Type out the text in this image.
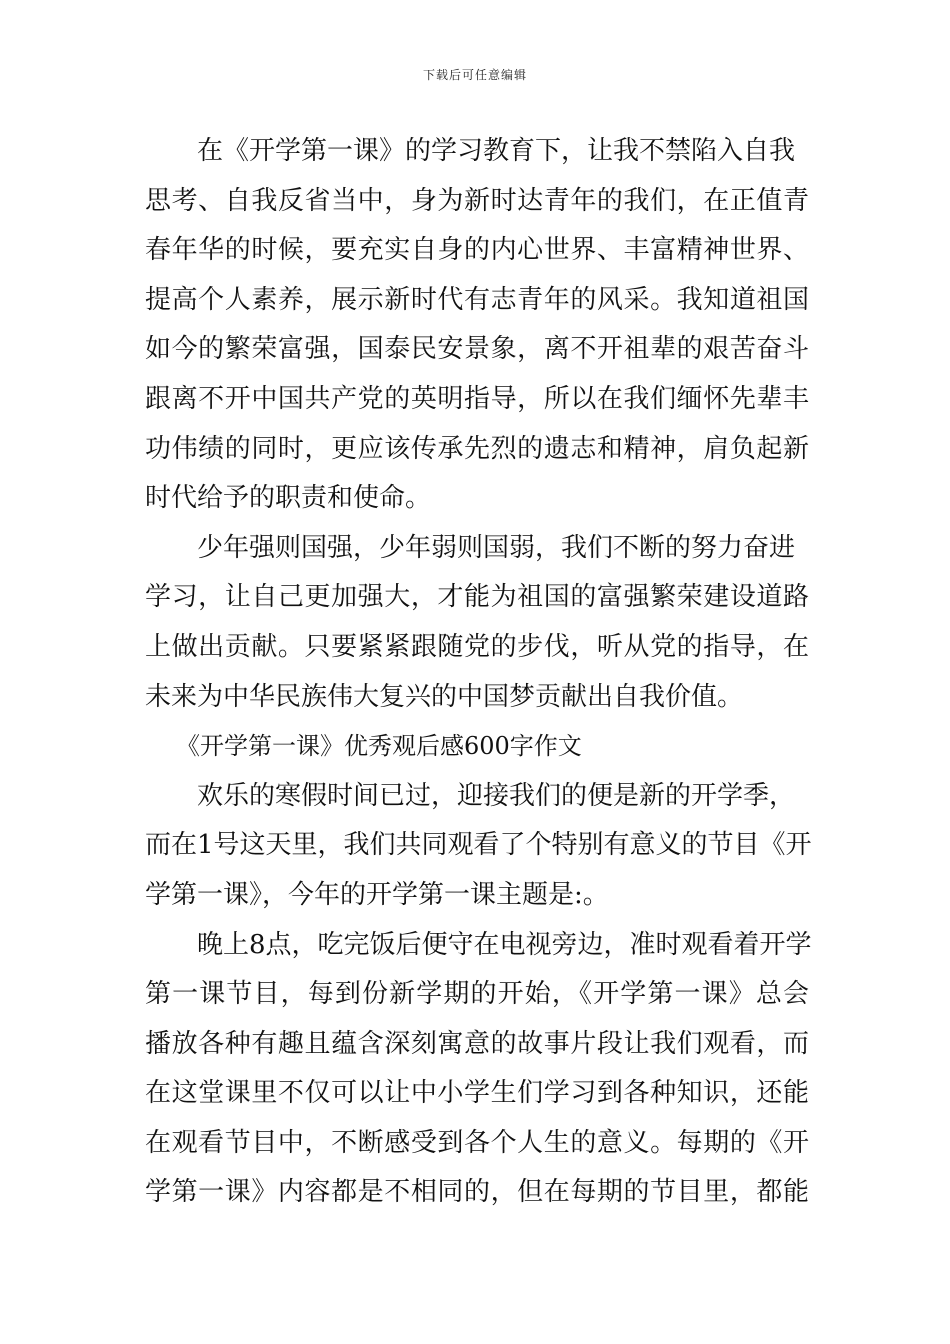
下载后可任意编辑
在《开学第一课》的学习教育下，让我不禁陷入自我
思考、自我反省当中，身为新时达青年的我们，在正值青
春年华的时候，要充实自身的内心世界、丰富精神世界、
提高个人素养，展示新时代有志青年的风采。我知道祖国
如今的繁荣富强，国泰民安景象，离不开祖辈的艰苦奋斗
跟离不开中国共产党的英明指导，所以在我们缅怀先辈丰
功伟绩的同时，更应该传承先烈的遗志和精神，肩负起新
时代给予的职责和使命。
少年强则国强，少年弱则国弱，我们不断的努力奋进
学习，让自己更加强大，才能为祖国的富强繁荣建设道路
上做出贡献。只要紧紧跟随党的步伐，听从党的指导，在
未来为中华民族伟大复兴的中国梦贡献出自我价值。
《开学第一课》优秀观后感600字作文
欢乐的寒假时间已过，迎接我们的便是新的开学季，
而在1号这天里，我们共同观看了个特别有意义的节目《开
学第一课》，今年的开学第一课主题是:。
晚上8点，吃完饭后便守在电视旁边，准时观看着开学
第一课节目，每到份新学期的开始，《开学第一课》总会
播放各种有趣且蕴含深刻寓意的故事片段让我们观看，而
在这堂课里不仅可以让中小学生们学习到各种知识，还能
在观看节目中，不断感受到各个人生的意义。每期的《开
学第一课》内容都是不相同的，但在每期的节目里，都能
